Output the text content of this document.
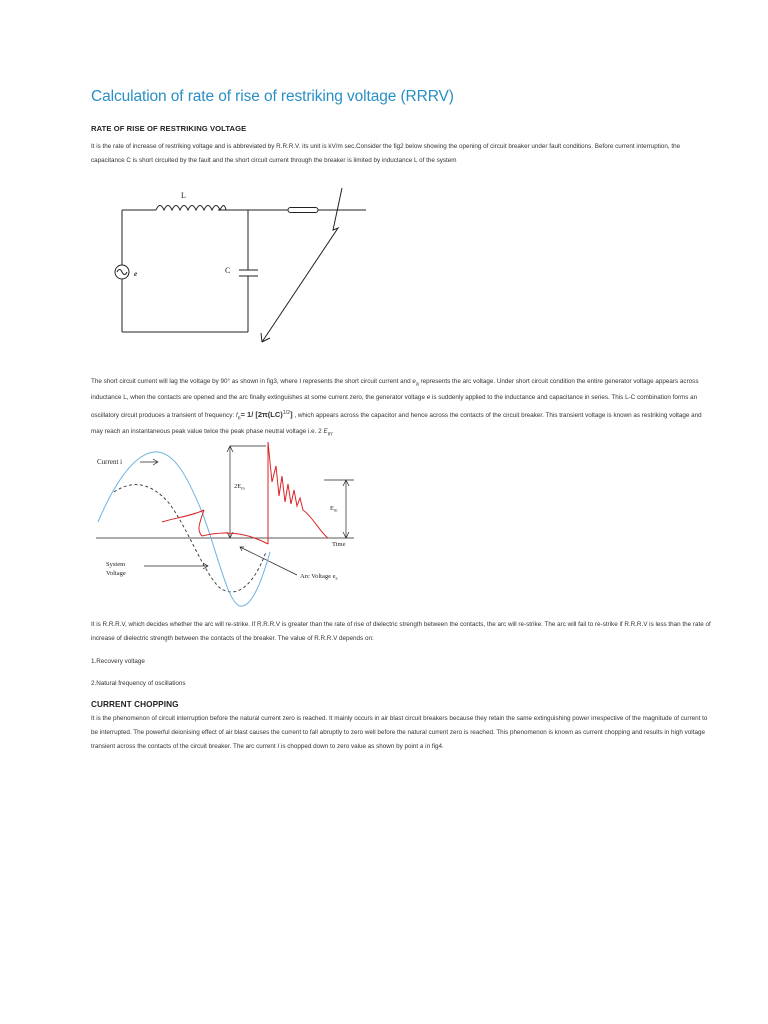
Calculation of rate of rise of restriking voltage (RRRV)
RATE OF RISE OF RESTRIKING VOLTAGE

It is the rate of increase of restriking voltage and is abbreviated by R.R.R.V. its unit is kV/m sec.Consider the fig2 below showing the opening of circuit breaker under fault conditions. Before current interruption, the capacitance C is short circuited by the fault and the short circuit current through the breaker is limited by inductance L of the system

L
C
e

The short circuit current will lag the voltage by 90° as shown in fig3, where I represents the short circuit current and $e_a$ represents the arc voltage. Under short circuit condition the entire generator voltage appears across inductance L, when the contacts are opened and the arc finally extinguishes at some current zero, the generator voltage e is suddenly applied to the inductance and capacitance in series. This L-C combination forms an oscillatory circuit produces a transient of frequency: $f_n= 1/$ [2π(LC)$^{1/2}$] , which appears across the capacitor and hence across the contacts of the circuit breaker. This transient voltage is known as restriking voltage and may reach an instantaneous peak value twice the peak phase neutral voltage i.e. 2 $E_m$.

Current i
$2E_m$
$E_m$
Time
System
Voltage	Arc Voltage $e_a$

It is R.R.R.V, which decides whether the arc will re-strike. If R.R.R.V is greater than the rate of rise of dielectric strength between the contacts, the arc will re-strike. The arc will fail to re-strike if R.R.R.V is less than the rate of increase of dielectric strength between the contacts of the breaker. The value of R.R.R.V depends on:

1.Recovery voltage

2.Natural frequency of oscillations

CURRENT CHOPPING

It is the phenomenon of circuit interruption before the natural current zero is reached. It mainly occurs in air blast circuit breakers because they retain the same extinguishing power irrespective of the magnitude of current to be interrupted. The powerful deionising effect of air blast causes the current to fall abruptly to zero well before the natural current zero is reached. This phenomenon is known as current chopping and results in high voltage transient across the contacts of the circuit breaker. The arc current I is chopped down to zero value as shown by point a in fig4.
